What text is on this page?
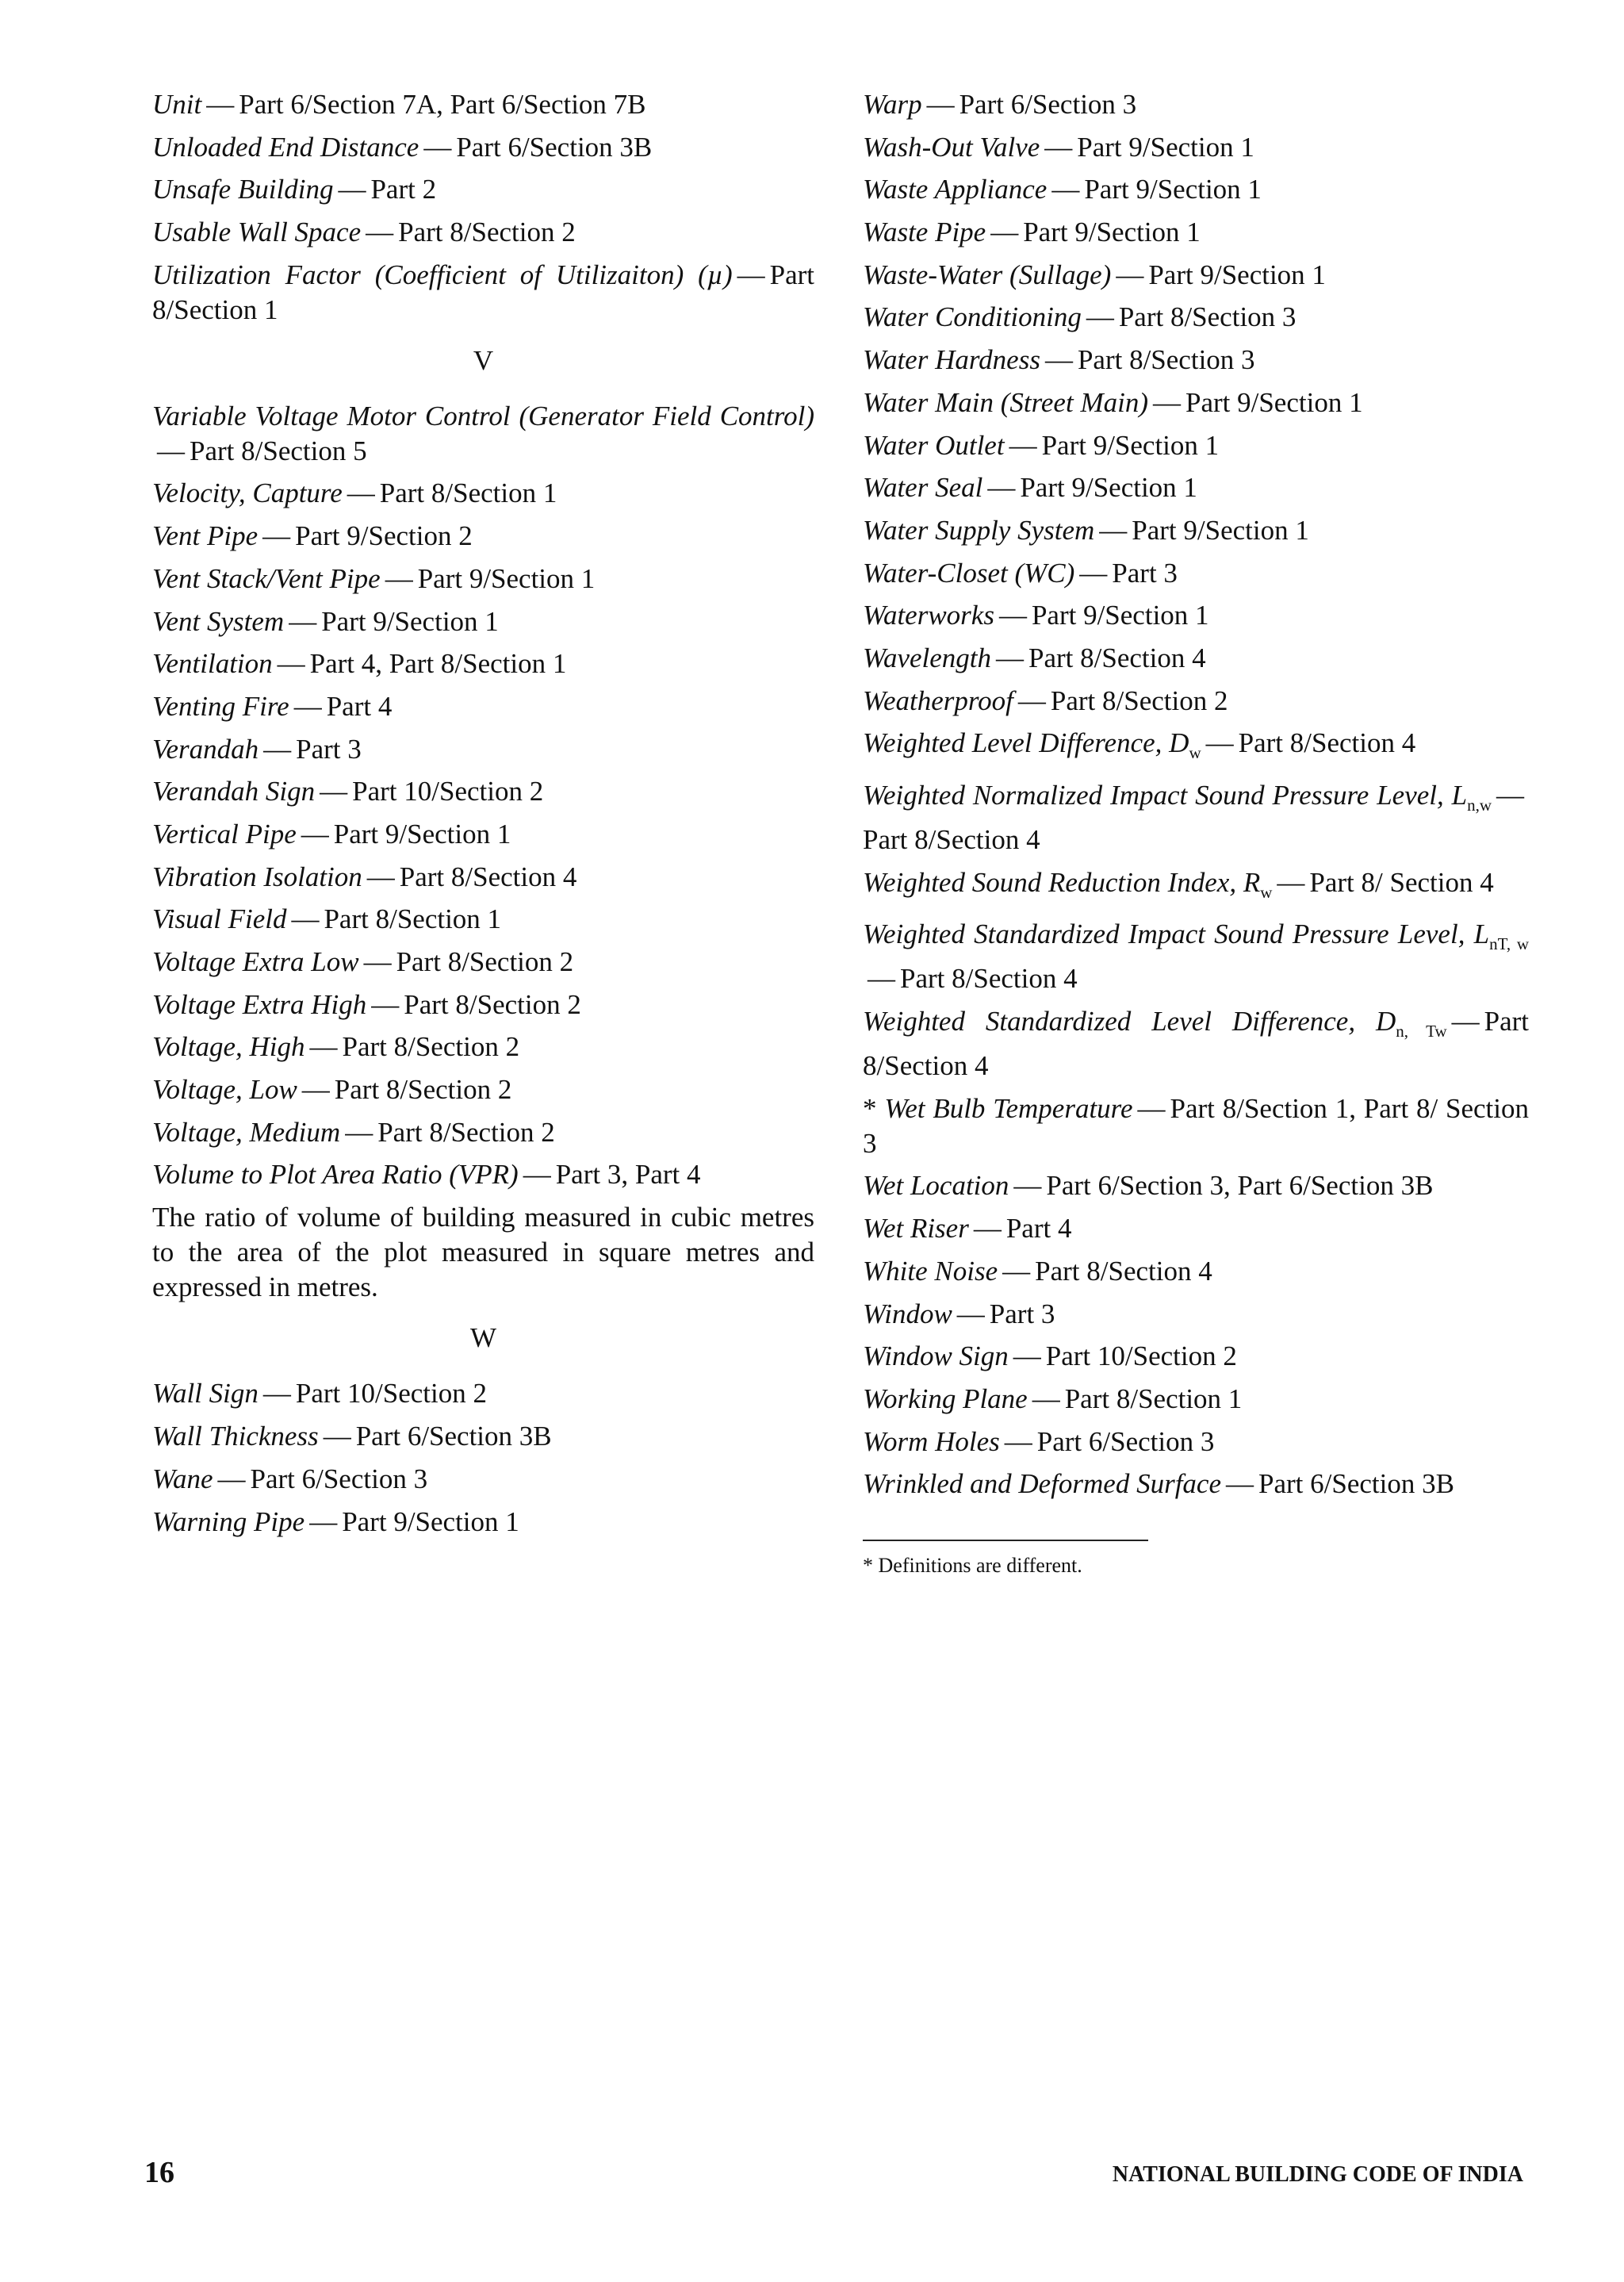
Unit — Part 6/Section 7A, Part 6/Section 7B

Unloaded End Distance — Part 6/Section 3B

Unsafe Building — Part 2

Usable Wall Space — Part 8/Section 2

Utilization Factor (Coefficient of Utilizaiton) (µ) — Part 8/Section 1

V

Variable Voltage Motor Control (Generator Field Control)— Part 8/Section 5

Velocity, Capture — Part 8/Section 1

Vent Pipe — Part 9/Section 2

Vent Stack/Vent Pipe — Part 9/Section 1

Vent System — Part 9/Section 1

Ventilation — Part 4, Part 8/Section 1

Venting Fire — Part 4

Verandah — Part 3

Verandah Sign — Part 10/Section 2

Vertical Pipe — Part 9/Section 1

Vibration Isolation — Part 8/Section 4

Visual Field — Part 8/Section 1

Voltage Extra Low — Part 8/Section 2

Voltage Extra High — Part 8/Section 2

Voltage, High — Part 8/Section 2

Voltage, Low — Part 8/Section 2

Voltage, Medium — Part 8/Section 2

Volume to Plot Area Ratio (VPR) — Part 3, Part 4

The ratio of volume of building measured in cubic metres to the area of the plot measured in square metres and expressed in metres.

W

Wall Sign — Part 10/Section 2

Wall Thickness — Part 6/Section 3B

Wane — Part 6/Section 3

Warning Pipe — Part 9/Section 1

Warp — Part 6/Section 3

Wash-Out Valve — Part 9/Section 1

Waste Appliance — Part 9/Section 1

Waste Pipe — Part 9/Section 1

Waste-Water (Sullage) — Part 9/Section 1

Water Conditioning — Part 8/Section 3

Water Hardness — Part 8/Section 3

Water Main (Street Main) — Part 9/Section 1

Water Outlet — Part 9/Section 1

Water Seal — Part 9/Section 1

Water Supply System — Part 9/Section 1

Water-Closet (WC) — Part 3

Waterworks — Part 9/Section 1

Wavelength — Part 8/Section 4

Weatherproof — Part 8/Section 2

Weighted Level Difference, $D_w$ — Part 8/Section 4

Weighted Normalized Impact Sound Pressure Level, $L_{n,w}$ —Part 8/Section 4

Weighted Sound Reduction Index, $R_w$ — Part 8/ Section 4

Weighted Standardized Impact Sound Pressure Level, $L_{nT, w}—$ Part 8/Section 4

Weighted Standardized Level Difference, $D_{n, Tw}$ — Part 8/Section 4

* Wet Bulb Temperature — Part 8/Section 1, Part 8/ Section 3

Wet Location — Part 6/Section 3, Part 6/Section 3B

Wet Riser — Part 4

White Noise — Part 8/Section 4

Window — Part 3

Window Sign — Part 10/Section 2

Working Plane — Part 8/Section 1

Worm Holes — Part 6/Section 3

Wrinkled and Deformed Surface — Part 6/Section 3B

* Definitions are different.
16	NATIONAL BUILDING CODE OF INDIA
